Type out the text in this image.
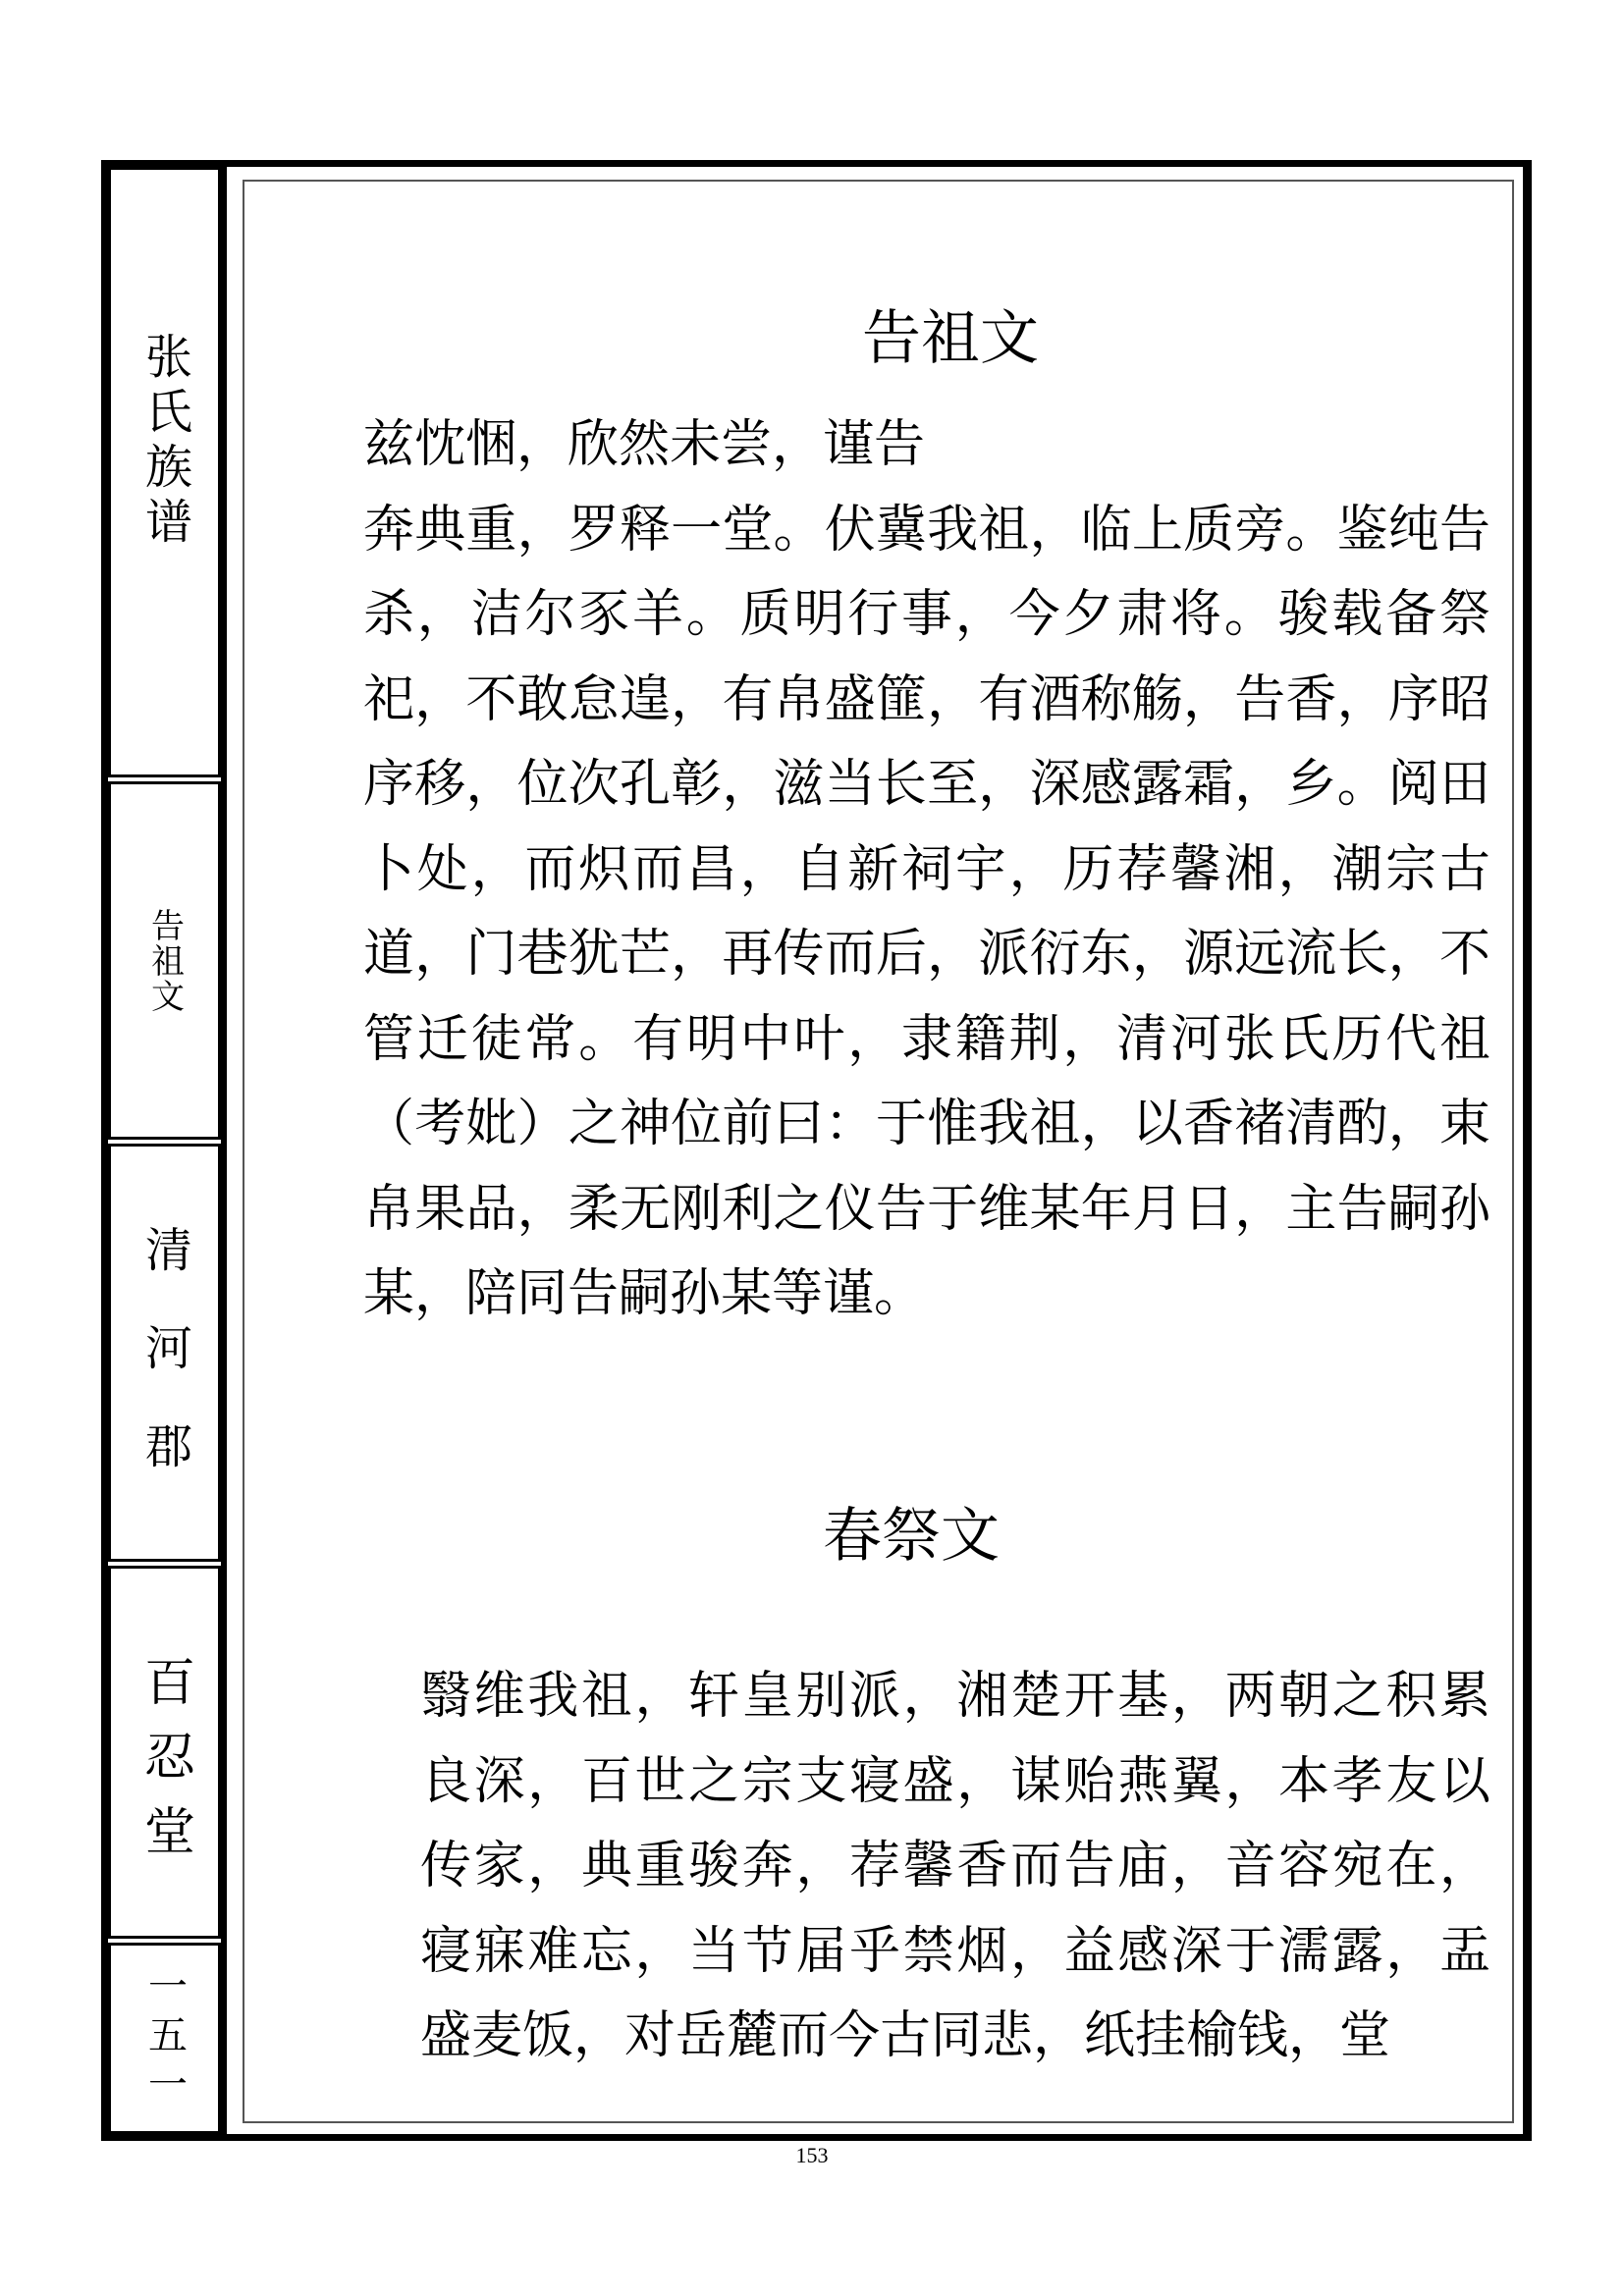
张氏族谱
告祖文
清河郡
百忍堂
一五一
告祖文

兹忱悃，欣然未尝，谨告

奔典重，罗释一堂。伏冀我祖，临上质旁。鉴纯告杀，洁尔豕羊。质明行事，今夕肃将。骏载备祭祀，不敢怠遑，有帛盛篚，有酒称觞，告香，序昭序移，位次孔彰，滋当长至，深感露霜，乡。阅田卜处，而炽而昌，自新祠宇，历荐馨湘，潮宗古道，门巷犹芒，再传而后，派衍东，源远流长，不管迁徒常。有明中叶，隶籍荆，清河张氏历代祖（考妣）之神位前曰：于惟我祖，以香褚清酌，束帛果品，柔无刚利之仪告于维某年月日，主告嗣孙某，陪同告嗣孙某等谨。

春祭文

翳维我祖，轩皇别派，湘楚开基，两朝之积累良深，百世之宗支寝盛，谋贻燕翼，本孝友以传家，典重骏奔，荐馨香而告庙，音容宛在，寝寐难忘，当节届乎禁烟，益感深于濡露，盂盛麦饭，对岳麓而今古同悲，纸挂榆钱，堂

153
